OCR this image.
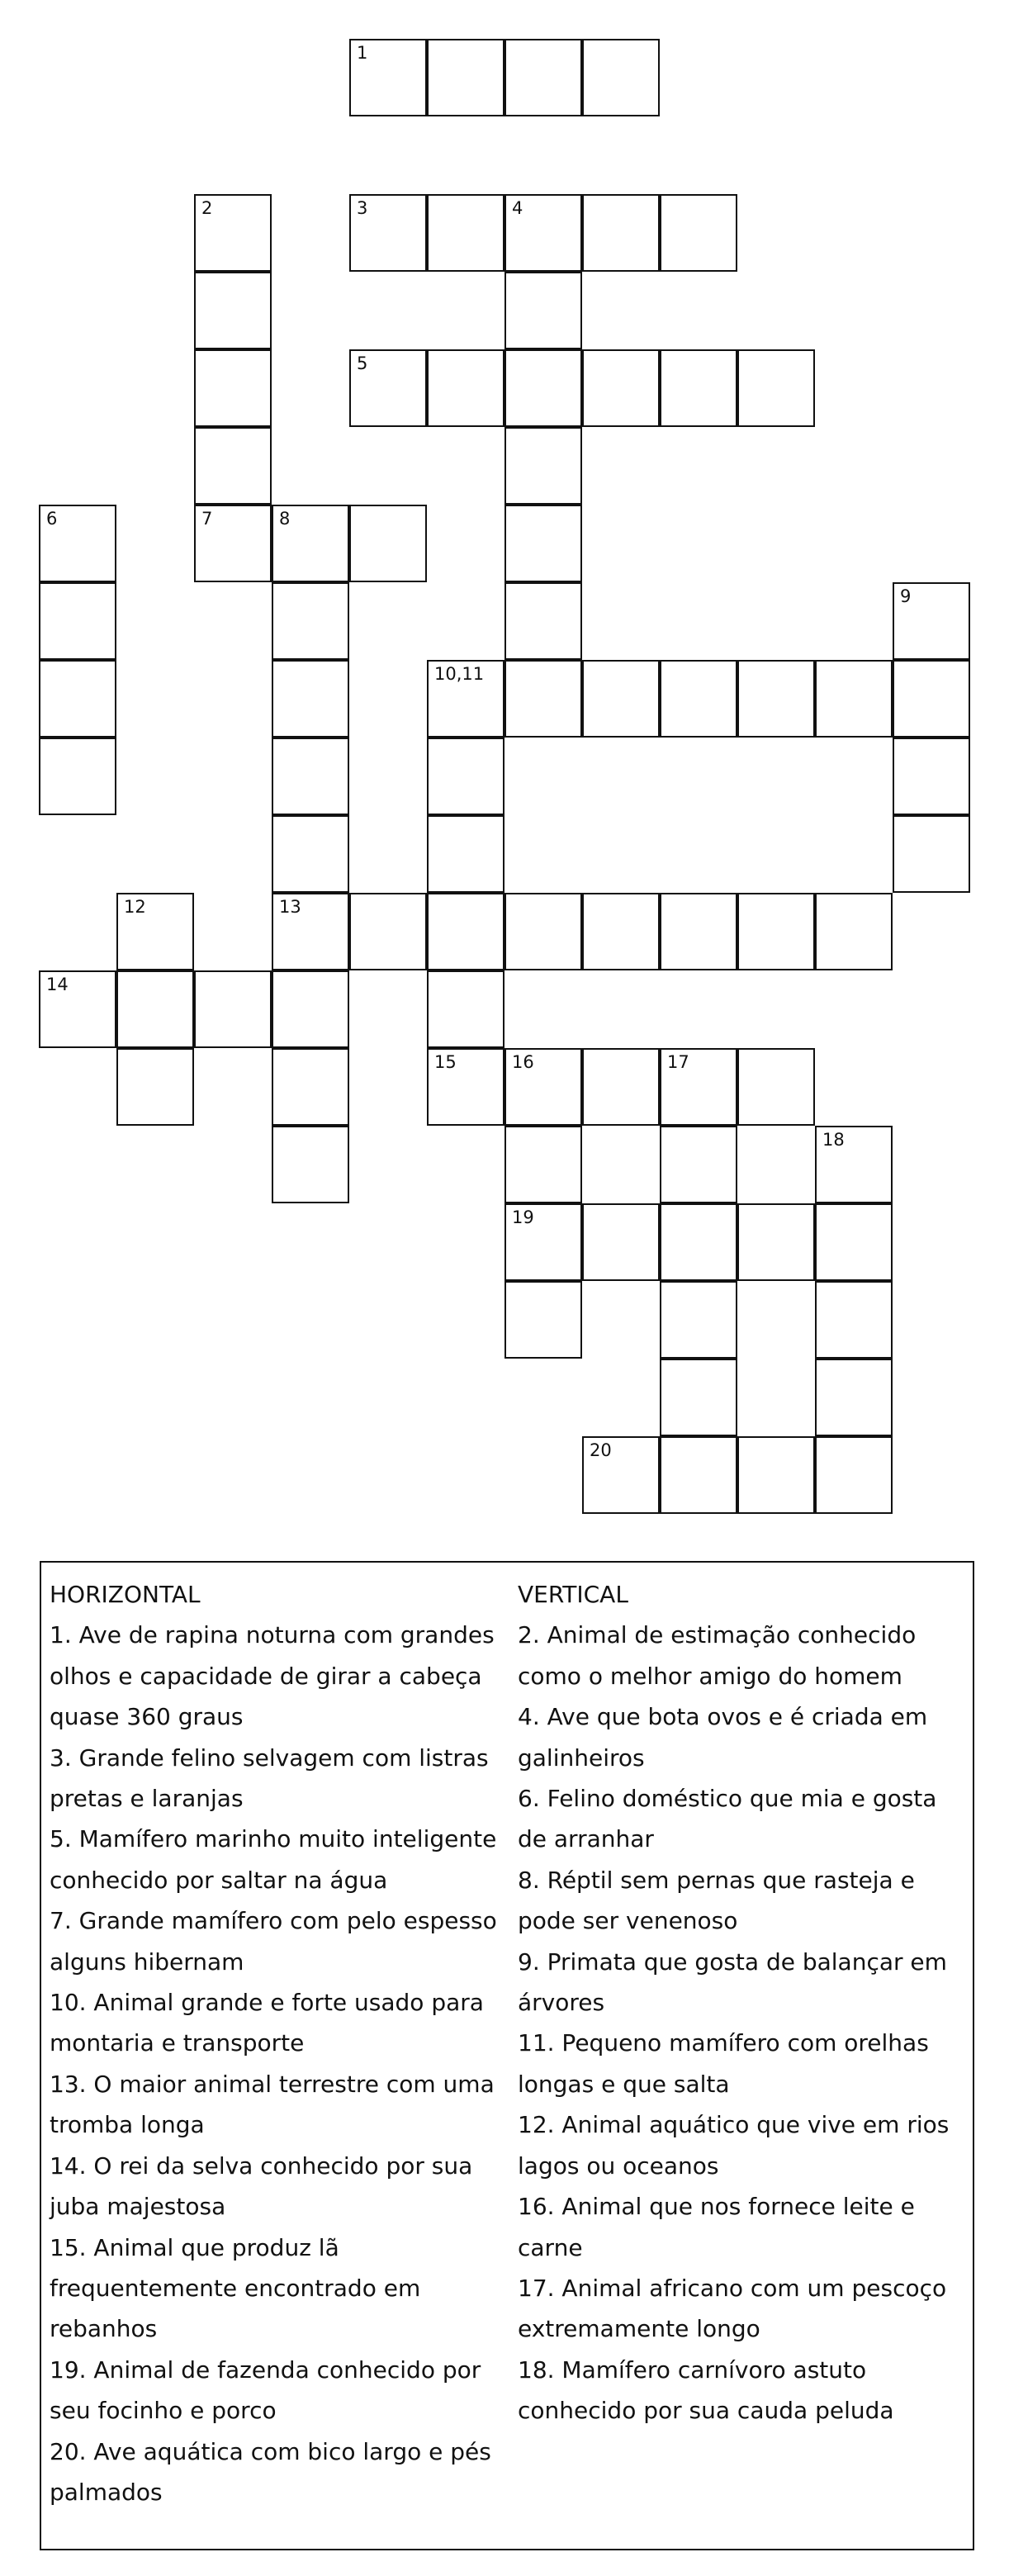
1
2	3	4
5
6	7	8
9
10,11
12	13
14
15	16	17
18
19
20
HORIZONTAL
1. Ave de rapina noturna com grandes olhos e capacidade de girar a cabeça quase 360 graus
3. Grande felino selvagem com listras pretas e laranjas
5. Mamífero marinho muito inteligente conhecido por saltar na água
7. Grande mamífero com pelo espesso alguns hibernam
10. Animal grande e forte usado para montaria e transporte
13. O maior animal terrestre com uma tromba longa
14. O rei da selva conhecido por sua juba majestosa
15. Animal que produz lã frequentemente encontrado em rebanhos
19. Animal de fazenda conhecido por seu focinho e porco
20. Ave aquática com bico largo e pés palmados
VERTICAL
2. Animal de estimação conhecido como o melhor amigo do homem
4. Ave que bota ovos e é criada em galinheiros
6. Felino doméstico que mia e gosta de arranhar
8. Réptil sem pernas que rasteja e pode ser venenoso
9. Primata que gosta de balançar em árvores
11. Pequeno mamífero com orelhas longas e que salta
12. Animal aquático que vive em rios lagos ou oceanos
16. Animal que nos fornece leite e carne
17. Animal africano com um pescoço extremamente longo
18. Mamífero carnívoro astuto conhecido por sua cauda peluda
